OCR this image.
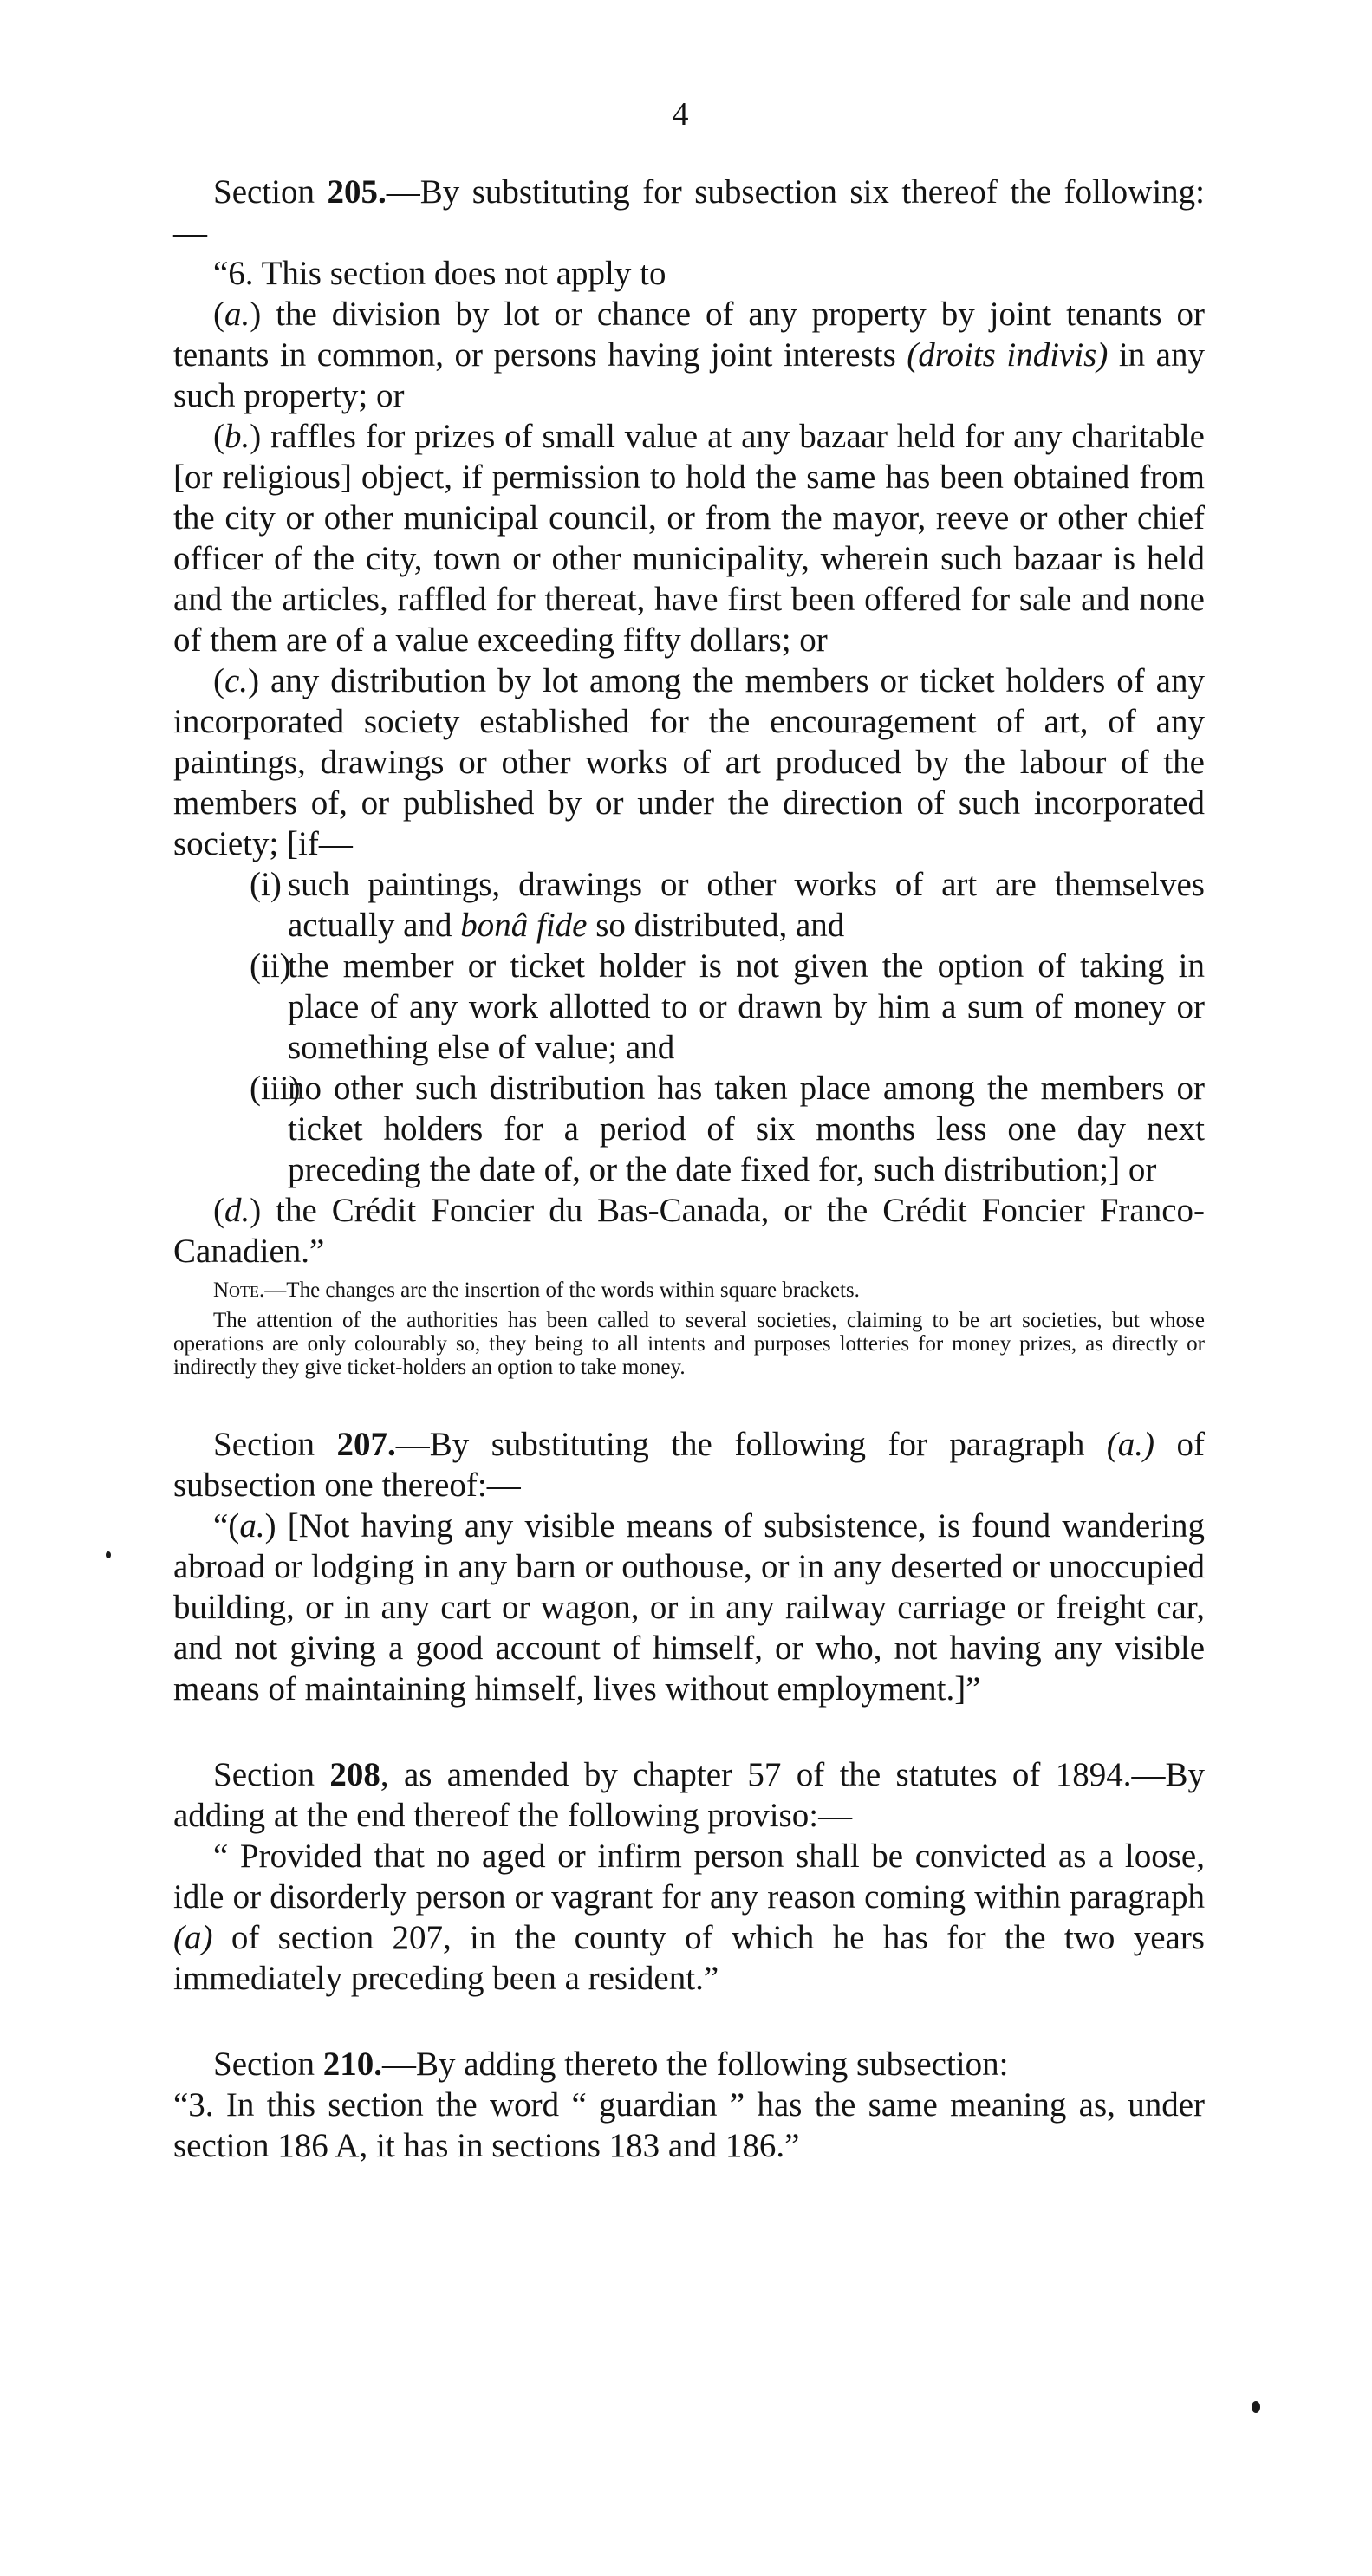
4

Section 205.—By substituting for subsection six thereof the following:—

“6. This section does not apply to

(a.) the division by lot or chance of any property by joint tenants or tenants in common, or persons having joint interests (droits indivis) in any such property; or

(b.) raffles for prizes of small value at any bazaar held for any charitable [or religious] object, if permission to hold the same has been obtained from the city or other municipal council, or from the mayor, reeve or other chief officer of the city, town or other municipality, wherein such bazaar is held and the articles, raffled for thereat, have first been offered for sale and none of them are of a value exceeding fifty dollars; or

(c.) any distribution by lot among the members or ticket holders of any incorporated society established for the encouragement of art, of any paintings, drawings or other works of art produced by the labour of the members of, or published by or under the direction of such incorporated society; [if—

(i) such paintings, drawings or other works of art are themselves actually and bonâ fide so distributed, and
(ii)
the member or ticket holder is not given the option of taking in place of any work allotted to or drawn by him a sum of money or something else of value; and
(iii)
no other such distribution has taken place among the members or ticket holders for a period of six months less one day next preceding the date of, or the date fixed for, such distribution;] or

(d.) the Crédit Foncier du Bas-Canada, or the Crédit Foncier Franco-Canadien.”

Note.—The changes are the insertion of the words within square brackets.

The attention of the authorities has been called to several societies, claiming to be art societies, but whose operations are only colourably so, they being to all intents and purposes lotteries for money prizes, as directly or indirectly they give ticket-holders an option to take money.

Section 207.—By substituting the following for paragraph (a.) of subsection one thereof:—

“(a.) [Not having any visible means of subsistence, is found wandering abroad or lodging in any barn or outhouse, or in any deserted or unoccupied building, or in any cart or wagon, or in any railway carriage or freight car, and not giving a good account of himself, or who, not having any visible means of maintaining himself, lives without employment.]”

Section 208, as amended by chapter 57 of the statutes of 1894.—By adding at the end thereof the following proviso:—

“ Provided that no aged or infirm person shall be convicted as a loose, idle or disorderly person or vagrant for any reason coming within paragraph (a) of section 207, in the county of which he has for the two years immediately preceding been a resident.”

Section 210.—By adding thereto the following subsection:

“3. In this section the word “ guardian ” has the same meaning as, under section 186 A, it has in sections 183 and 186.”
